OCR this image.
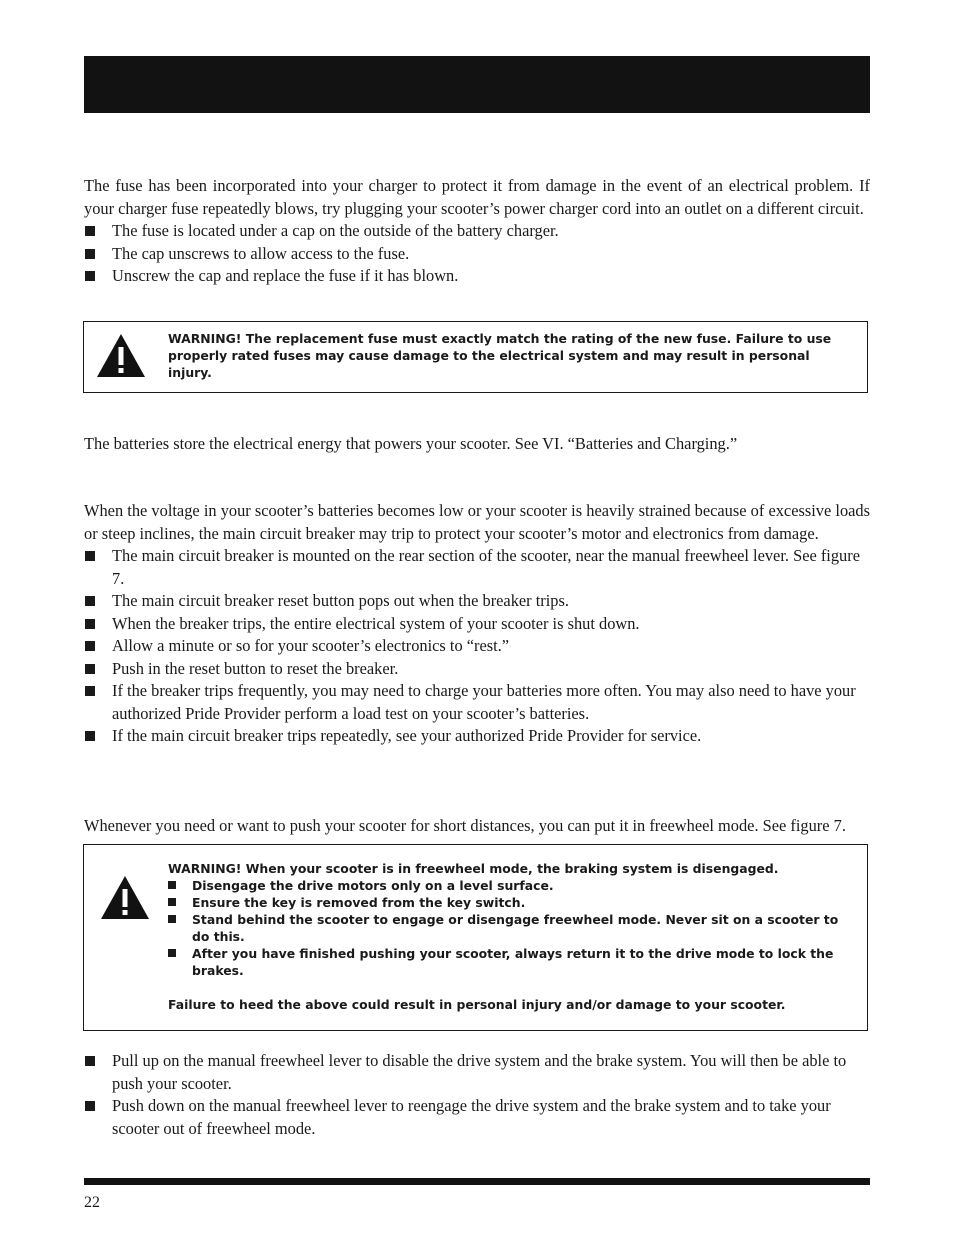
The fuse has been incorporated into your charger to protect it from damage in the event of an electrical problem. If your charger fuse repeatedly blows, try plugging your scooter’s power charger cord into an outlet on a different circuit.

The fuse is located under a cap on the outside of the battery charger.
The cap unscrews to allow access to the fuse.
Unscrew the cap and replace the fuse if it has blown.
WARNING! The replacement fuse must exactly match the rating of the new fuse. Failure to use properly rated fuses may cause damage to the electrical system and may result in personal injury.

The batteries store the electrical energy that powers your scooter. See VI. “Batteries and Charging.”

When the voltage in your scooter’s batteries becomes low or your scooter is heavily strained because of excessive loads or steep inclines, the main circuit breaker may trip to protect your scooter’s motor and electronics from damage.

The main circuit breaker is mounted on the rear section of the scooter, near the manual freewheel lever. See figure 7.
The main circuit breaker reset button pops out when the breaker trips.
When the breaker trips, the entire electrical system of your scooter is shut down.
Allow a minute or so for your scooter’s electronics to “rest.”
Push in the reset button to reset the breaker.
If the breaker trips frequently, you may need to charge your batteries more often. You may also need to have your authorized Pride Provider perform a load test on your scooter’s batteries.
If the main circuit breaker trips repeatedly, see your authorized Pride Provider for service.

Whenever you need or want to push your scooter for short distances, you can put it in freewheel mode. See figure 7.

WARNING! When your scooter is in freewheel mode, the braking system is disengaged.

Disengage the drive motors only on a level surface.

Ensure the key is removed from the key switch.

Stand behind the scooter to engage or disengage freewheel mode. Never sit on a scooter to do this.

After you have finished pushing your scooter, always return it to the drive mode to lock the brakes.

Failure to heed the above could result in personal injury and/or damage to your scooter.

Pull up on the manual freewheel lever to disable the drive system and the brake system. You will then be able to push your scooter.
Push down on the manual freewheel lever to reengage the drive system and the brake system and to take your scooter out of freewheel mode.
22
